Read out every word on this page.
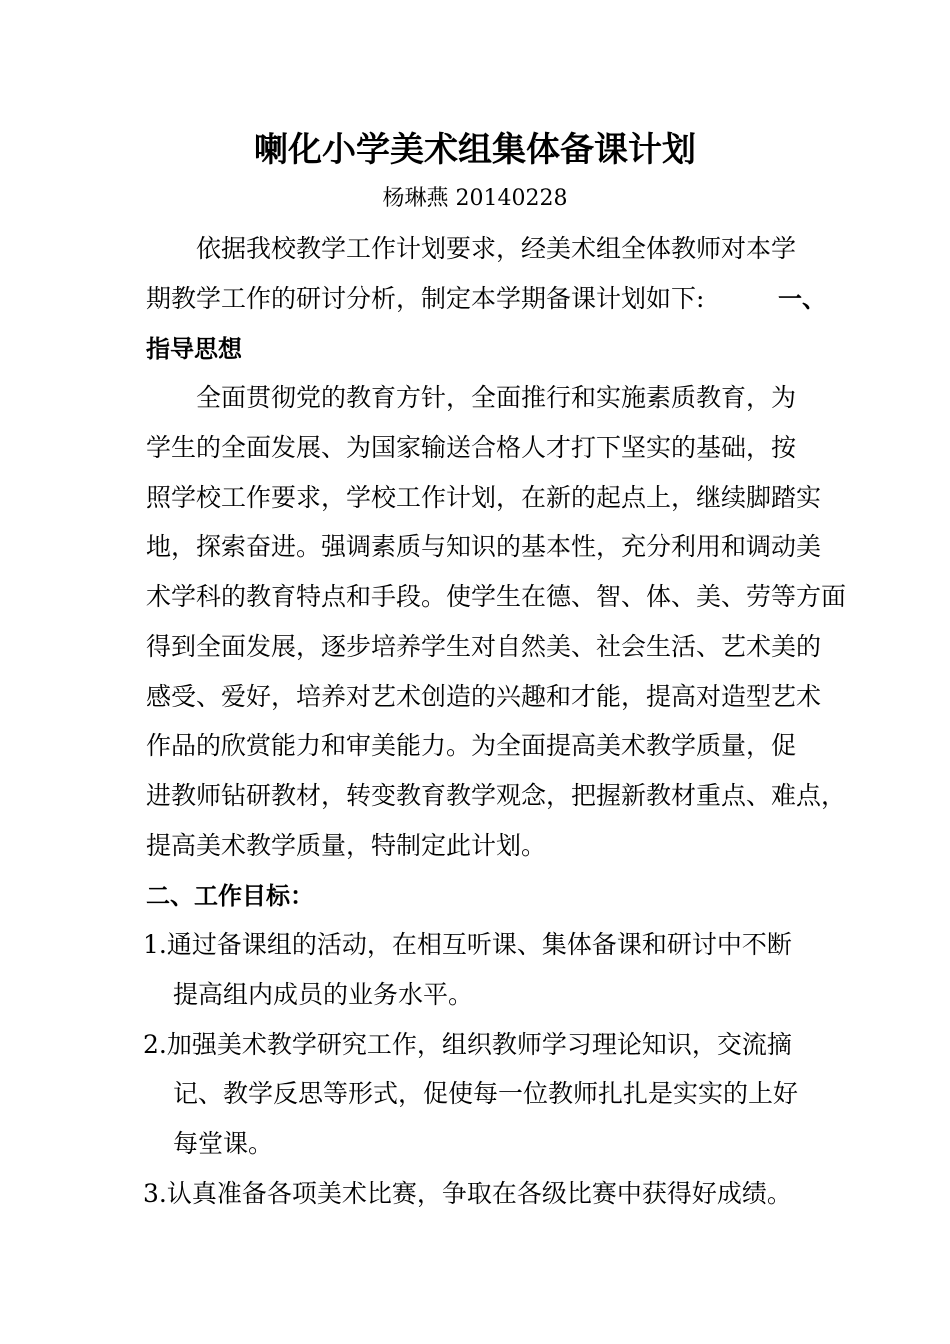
喇化小学美术组集体备课计划
杨琳燕 20140228
依据我校教学工作计划要求，经美术组全体教师对本学
期教学工作的研讨分析，制定本学期备课计划如下:	一、
指导思想
全面贯彻党的教育方针，全面推行和实施素质教育，为
学生的全面发展、为国家输送合格人才打下坚实的基础，按
照学校工作要求，学校工作计划，在新的起点上，继续脚踏实
地，探索奋进。强调素质与知识的基本性，充分利用和调动美
术学科的教育特点和手段。使学生在德、智、体、美、劳等方面
得到全面发展，逐步培养学生对自然美、社会生活、艺术美的
感受、爱好，培养对艺术创造的兴趣和才能，提高对造型艺术
作品的欣赏能力和审美能力。为全面提高美术教学质量，促
进教师钻研教材，转变教育教学观念，把握新教材重点、难点，
提高美术教学质量，特制定此计划。
二、工作目标：
1.通过备课组的活动，在相互听课、集体备课和研讨中不断
提高组内成员的业务水平。
2.加强美术教学研究工作，组织教师学习理论知识，交流摘
记、教学反思等形式，促使每一位教师扎扎是实实的上好
每堂课。
3.认真准备各项美术比赛，争取在各级比赛中获得好成绩。
